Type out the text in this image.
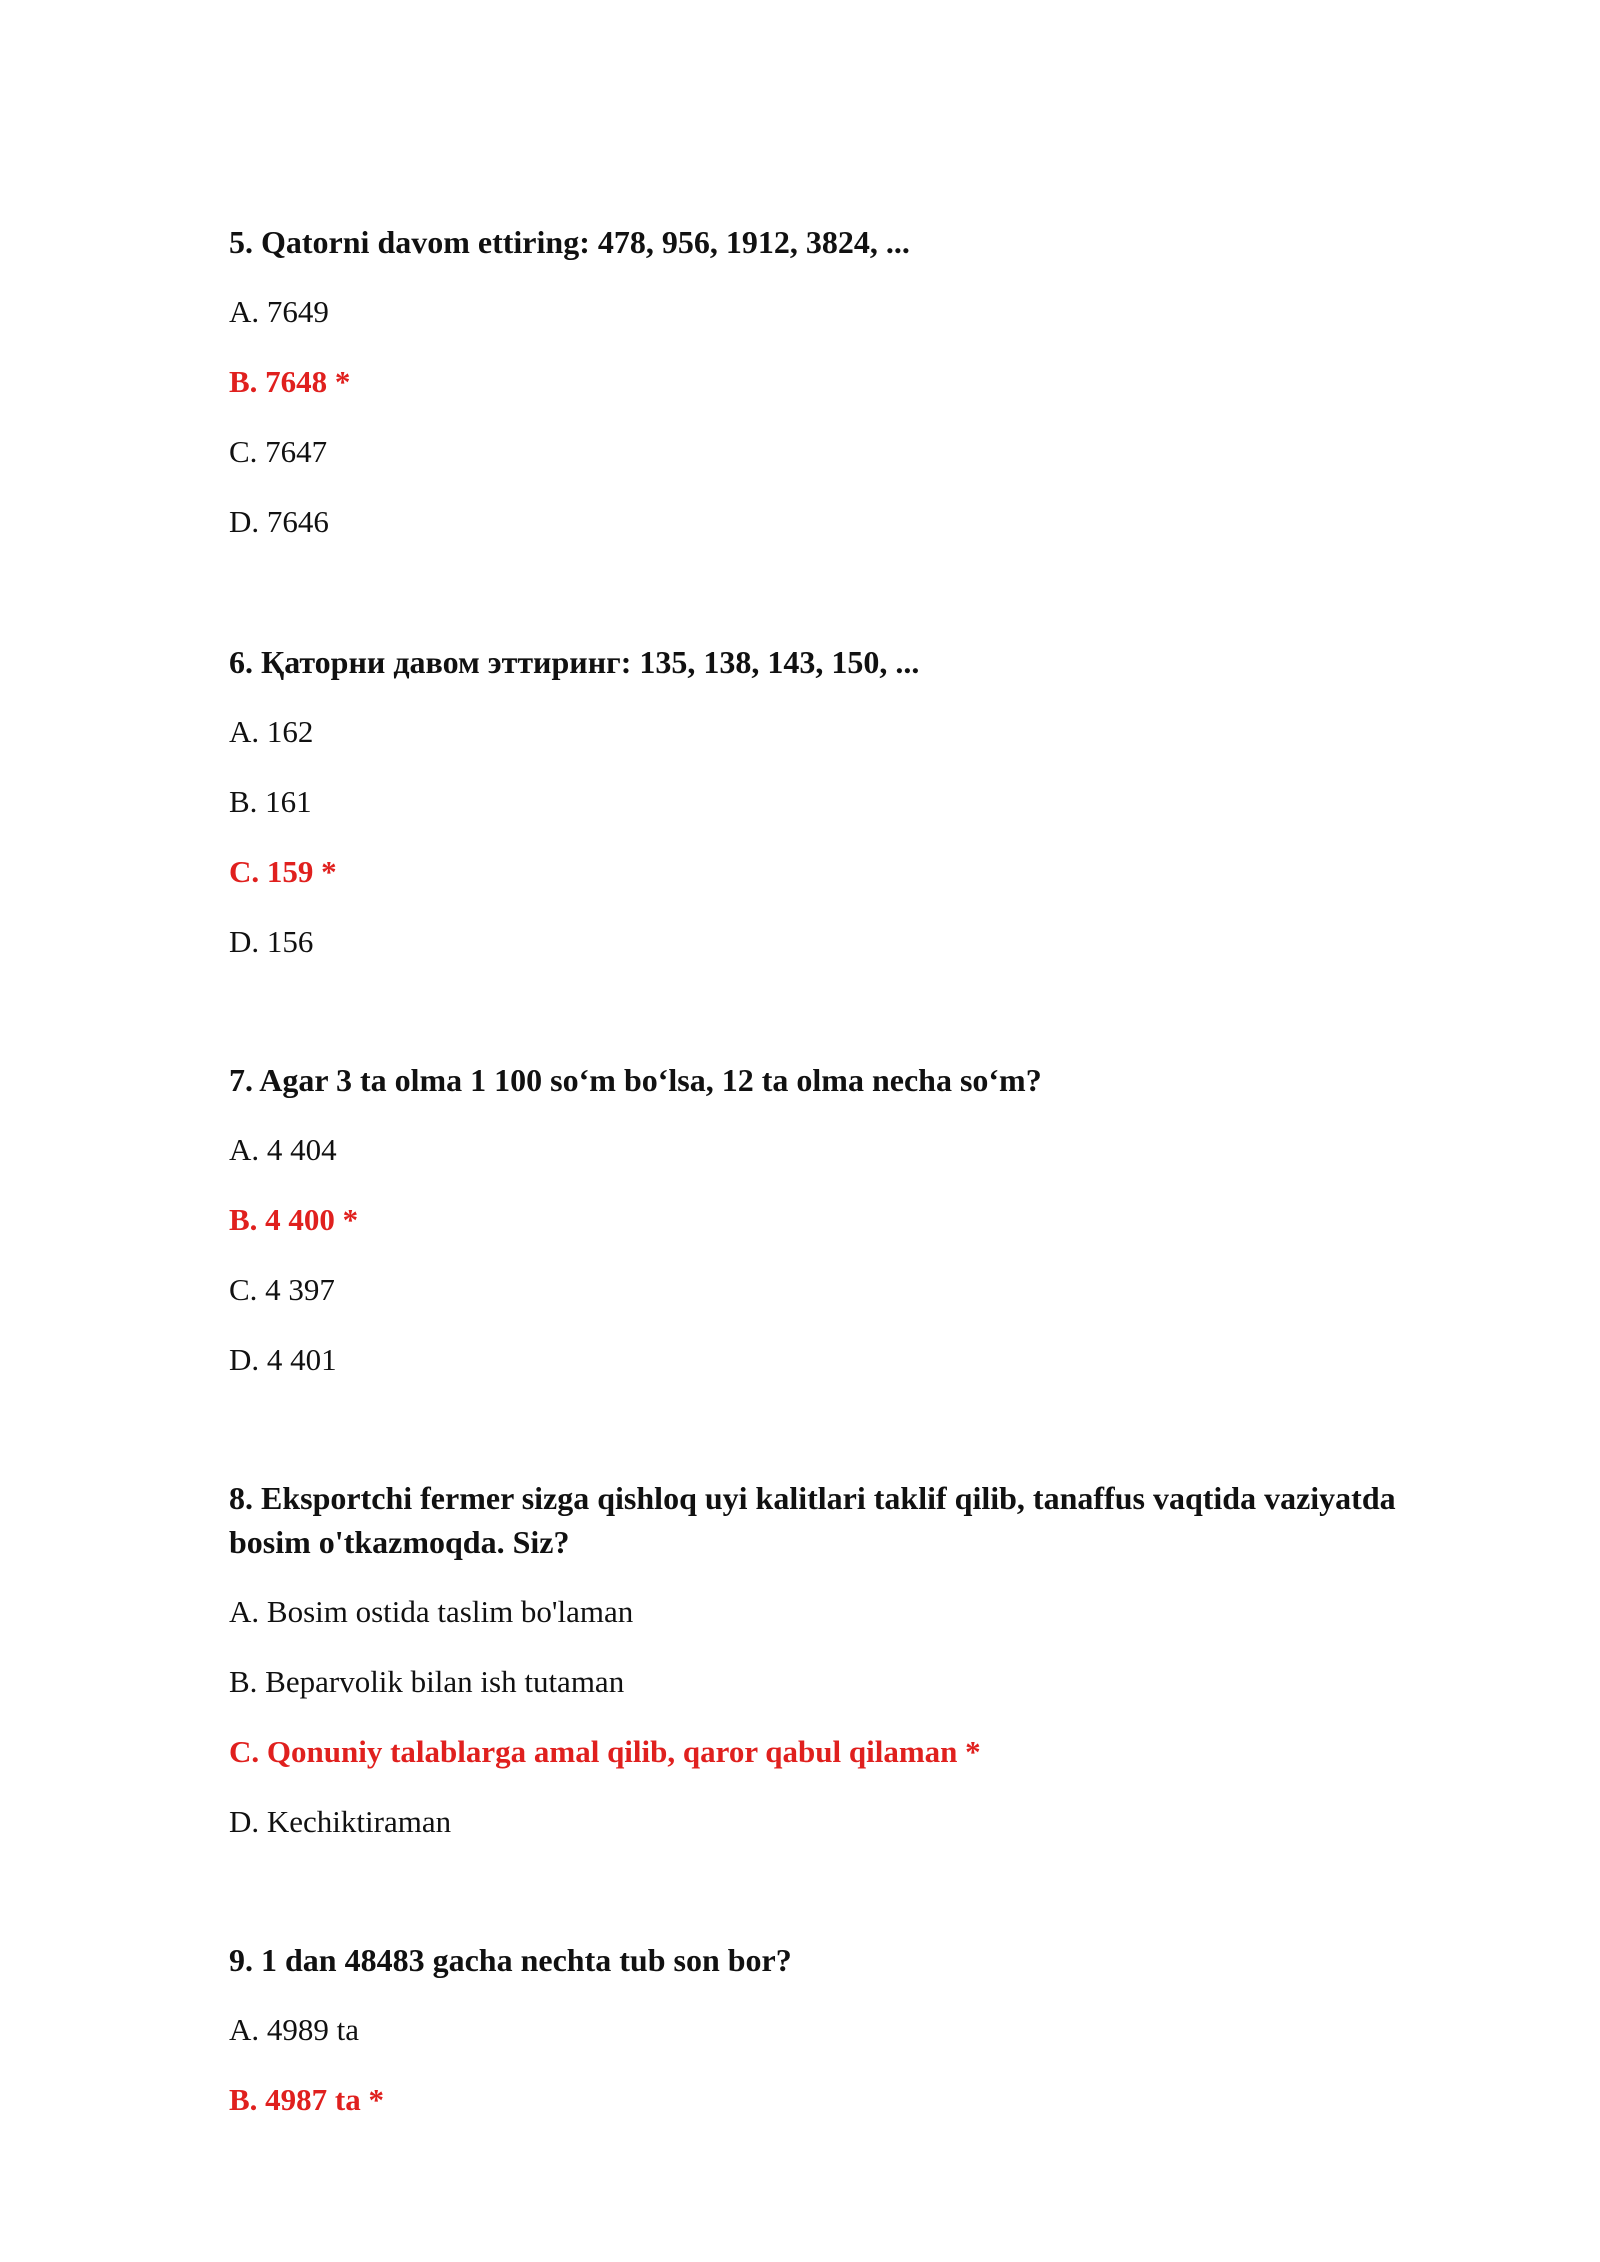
5. Qatorni davom ettiring: 478, 956, 1912, 3824, ...

A. 7649
B. 7648 *
C. 7647
D. 7646

6. Қаторни давом эттиринг: 135, 138, 143, 150, ...

A. 162
B. 161
C. 159 *
D. 156

7. Agar 3 ta olma 1 100 so‘m bo‘lsa, 12 ta olma necha so‘m?

A. 4 404
B. 4 400 *
C. 4 397
D. 4 401

8. Eksportchi fermer sizga qishloq uyi kalitlari taklif qilib, tanaffus vaqtida vaziyatda bosim o'tkazmoqda. Siz?

A. Bosim ostida taslim bo'laman
B. Beparvolik bilan ish tutaman
C. Qonuniy talablarga amal qilib, qaror qabul qilaman *
D. Kechiktiraman

9. 1 dan 48483 gacha nechta tub son bor?

A. 4989 ta
B. 4987 ta *
